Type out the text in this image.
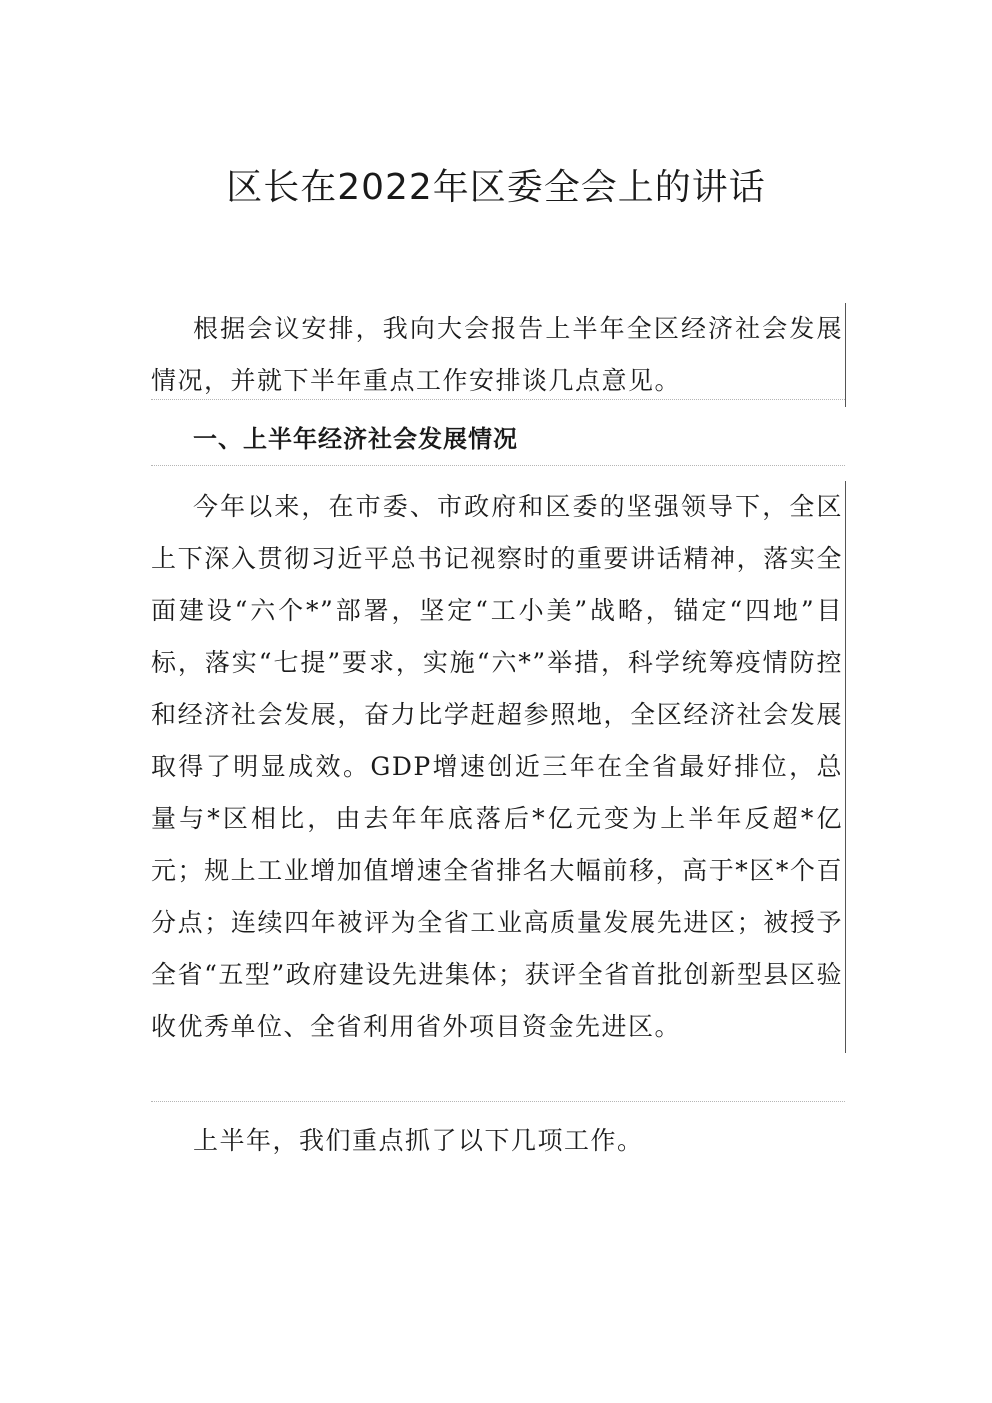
区长在2022年区委全会上的讲话

根据会议安排，我向大会报告上半年全区经济社会发展情况，并就下半年重点工作安排谈几点意见。

一、上半年经济社会发展情况

今年以来，在市委、市政府和区委的坚强领导下，全区上下深入贯彻习近平总书记视察时的重要讲话精神，落实全面建设“六个*”部署，坚定“工小美”战略，锚定“四地”目标，落实“七提”要求，实施“六*”举措，科学统筹疫情防控和经济社会发展，奋力比学赶超参照地，全区经济社会发展取得了明显成效。GDP增速创近三年在全省最好排位，总量与*区相比，由去年年底落后*亿元变为上半年反超*亿元；规上工业增加值增速全省排名大幅前移，高于*区*个百分点；连续四年被评为全省工业高质量发展先进区；被授予全省“五型”政府建设先进集体；获评全省首批创新型县区验收优秀单位、全省利用省外项目资金先进区。

上半年，我们重点抓了以下几项工作。
